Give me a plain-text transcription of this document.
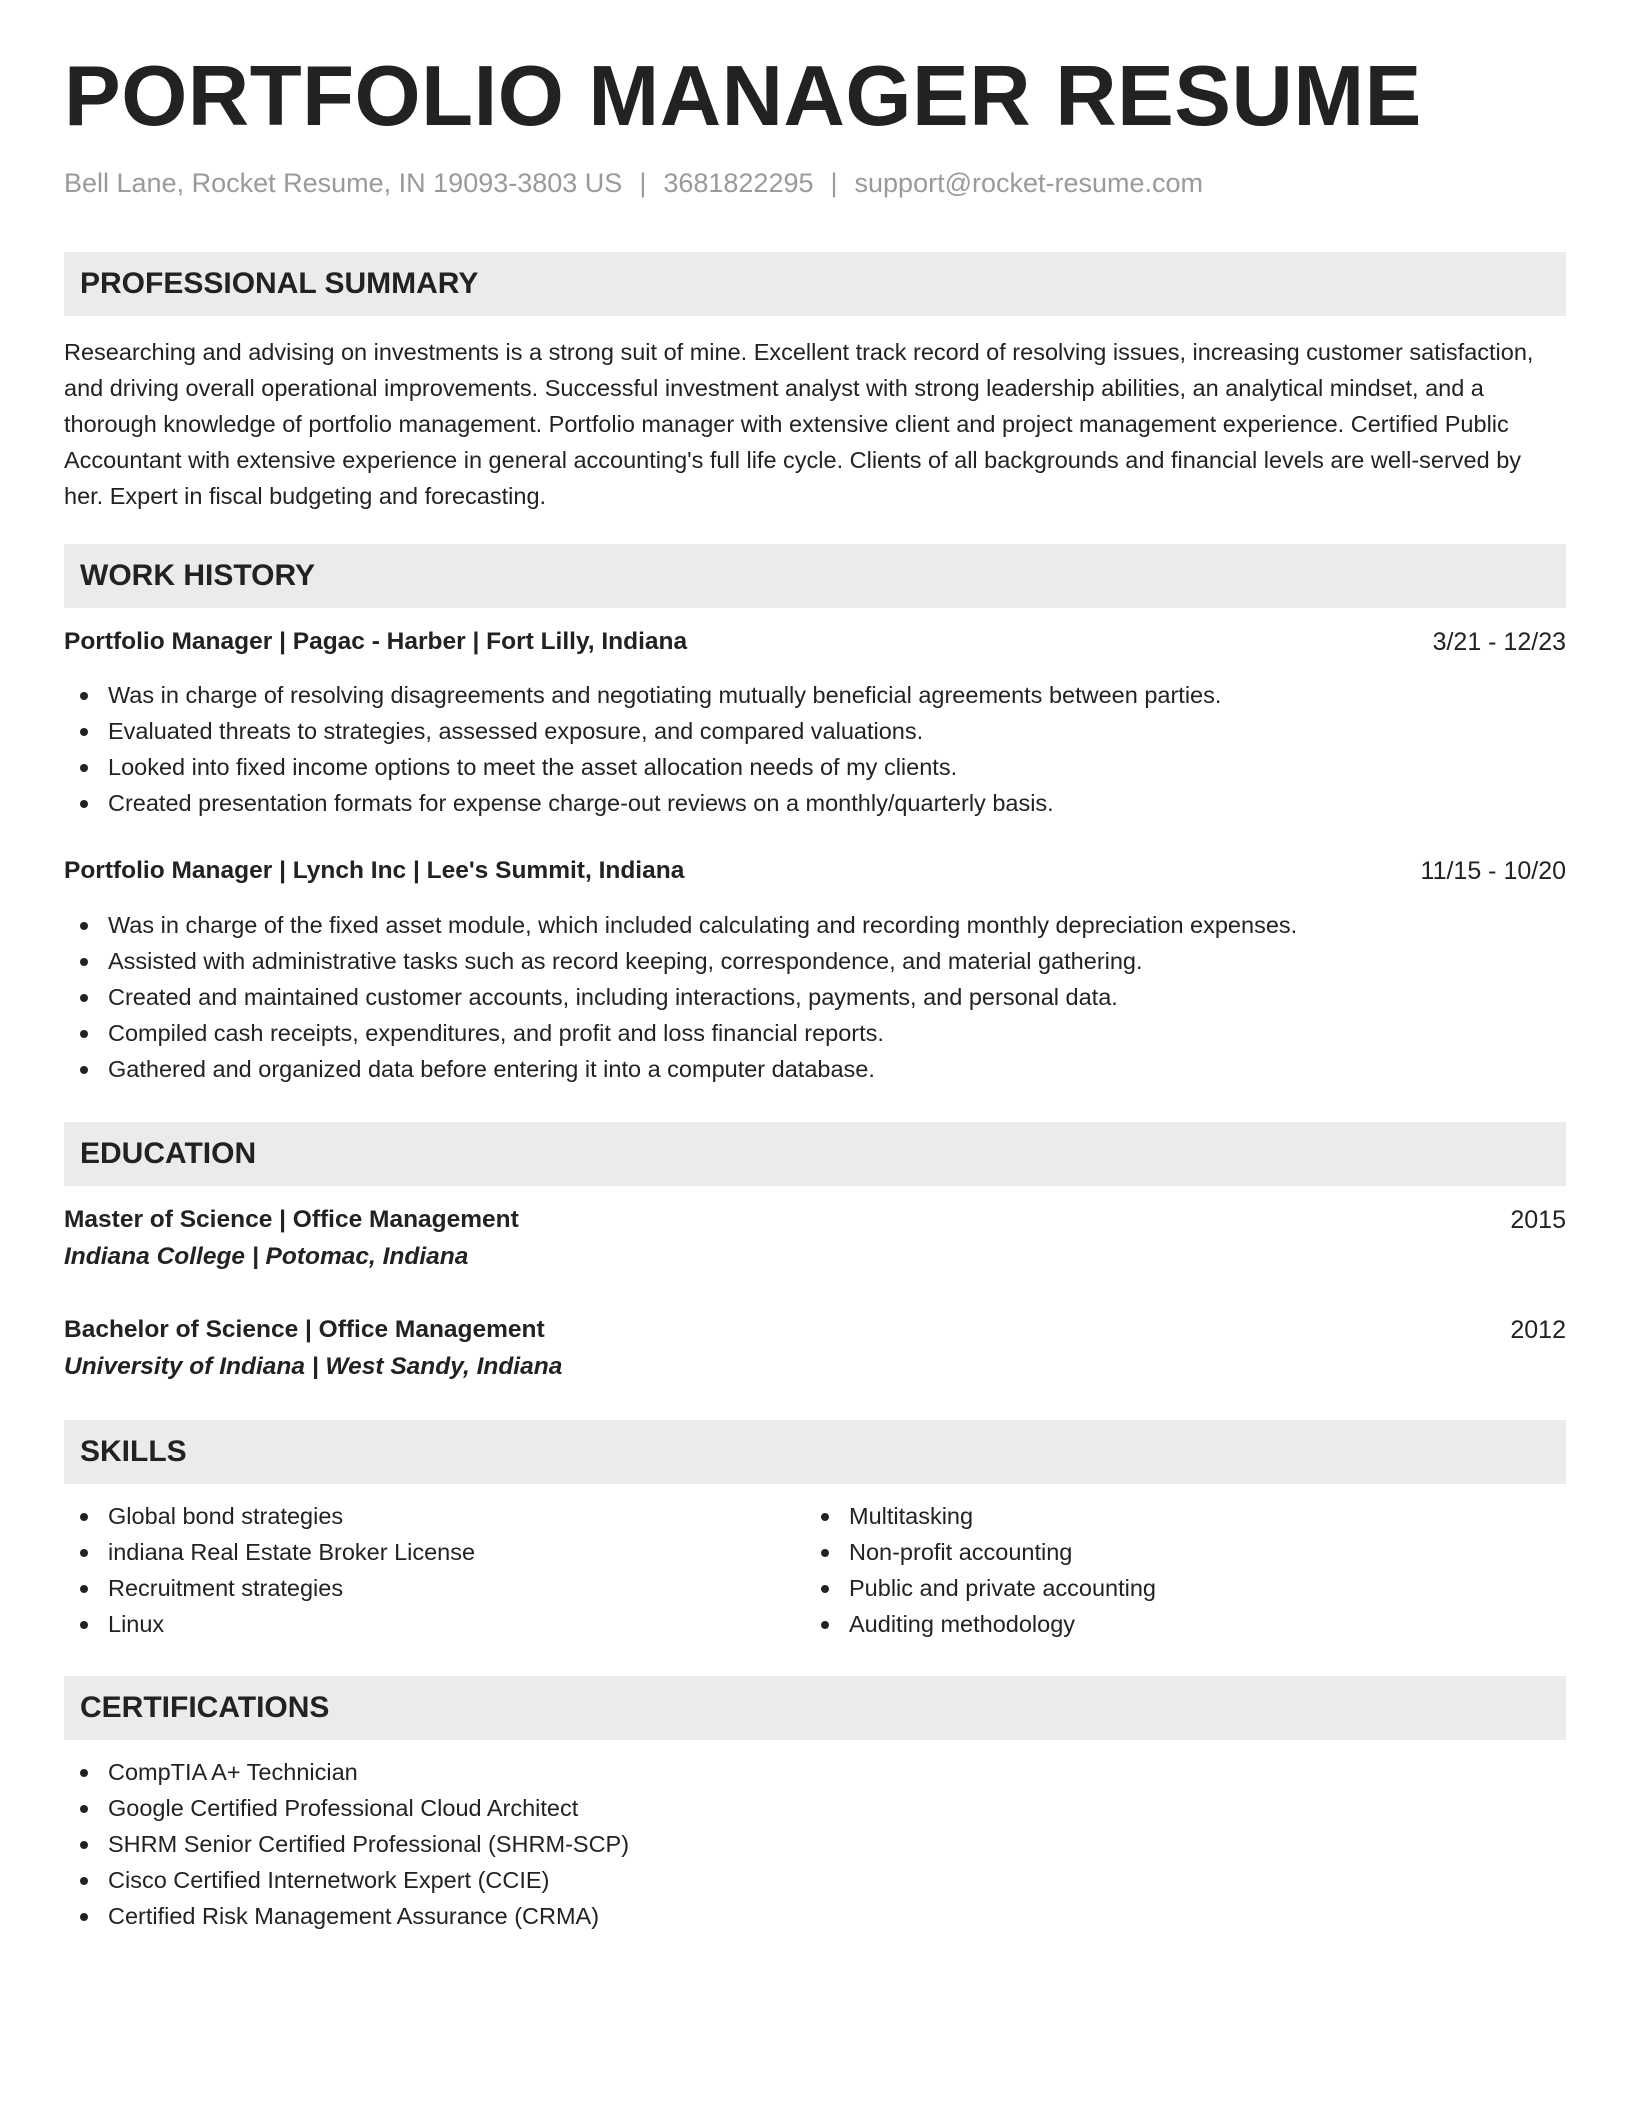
PORTFOLIO MANAGER RESUME
Bell Lane, Rocket Resume, IN 19093-3803 US | 3681822295 | support@rocket-resume.com
PROFESSIONAL SUMMARY

Researching and advising on investments is a strong suit of mine. Excellent track record of resolving issues, increasing customer satisfaction, and driving overall operational improvements. Successful investment analyst with strong leadership abilities, an analytical mindset, and a thorough knowledge of portfolio management. Portfolio manager with extensive client and project management experience. Certified Public Accountant with extensive experience in general accounting's full life cycle. Clients of all backgrounds and financial levels are well-served by her. Expert in fiscal budgeting and forecasting.

WORK HISTORY
Portfolio Manager | Pagac - Harber | Fort Lilly, Indiana	3/21 - 12/23
Was in charge of resolving disagreements and negotiating mutually beneficial agreements between parties.
Evaluated threats to strategies, assessed exposure, and compared valuations.
Looked into fixed income options to meet the asset allocation needs of my clients.
Created presentation formats for expense charge-out reviews on a monthly/quarterly basis.
Portfolio Manager | Lynch Inc | Lee's Summit, Indiana	11/15 - 10/20
Was in charge of the fixed asset module, which included calculating and recording monthly depreciation expenses.
Assisted with administrative tasks such as record keeping, correspondence, and material gathering.
Created and maintained customer accounts, including interactions, payments, and personal data.
Compiled cash receipts, expenditures, and profit and loss financial reports.
Gathered and organized data before entering it into a computer database.
EDUCATION
Master of Science | Office Management
Indiana College | Potomac, Indiana
2015
Bachelor of Science | Office Management
University of Indiana | West Sandy, Indiana
2012
SKILLS
Global bond strategies
indiana Real Estate Broker License
Recruitment strategies
Linux
Multitasking
Non-profit accounting
Public and private accounting
Auditing methodology
CERTIFICATIONS
CompTIA A+ Technician
Google Certified Professional Cloud Architect
SHRM Senior Certified Professional (SHRM-SCP)
Cisco Certified Internetwork Expert (CCIE)
Certified Risk Management Assurance (CRMA)
